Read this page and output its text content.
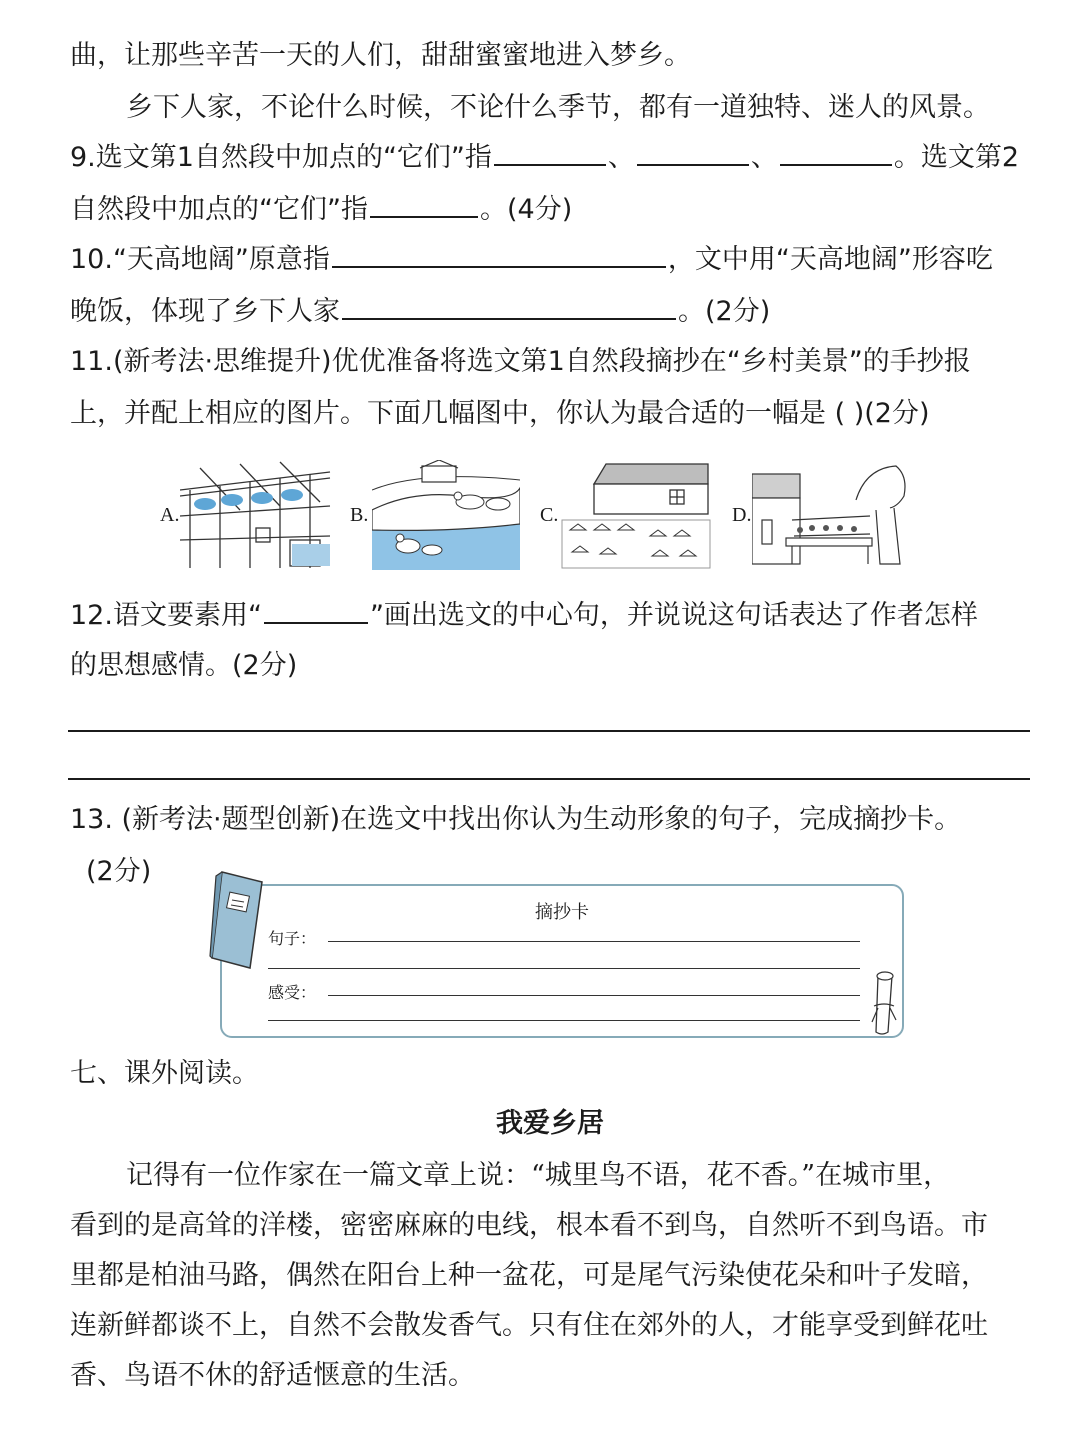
曲，让那些辛苦一天的人们，甜甜蜜蜜地进入梦乡。
乡下人家，不论什么时候，不论什么季节，都有一道独特、迷人的风景。
9.选文第1自然段中加点的“它们”指	、	、	。选文第2
自然段中加点的“它们”指	。(4分)
10.“天高地阔”原意指	，文中用“天高地阔”形容吃
晚饭，体现了乡下人家	。(2分)
11.(新考法·思维提升)优优准备将选文第1自然段摘抄在“乡村美景”的手抄报
上，并配上相应的图片。下面几幅图中，你认为最合适的一幅是 ( )(2分)
A.	B.	C.	D.
12.语文要素用“	”画出选文的中心句，并说说这句话表达了作者怎样
的思想感情。(2分)
13. (新考法·题型创新)在选文中找出你认为生动形象的句子，完成摘抄卡。
(2分)
摘抄卡
句子：
感受：
七、课外阅读。
我爱乡居
记得有一位作家在一篇文章上说：“城里鸟不语，花不香。”在城市里，
看到的是高耸的洋楼，密密麻麻的电线，根本看不到鸟，自然听不到鸟语。市
里都是柏油马路，偶然在阳台上种一盆花，可是尾气污染使花朵和叶子发暗，
连新鲜都谈不上，自然不会散发香气。只有住在郊外的人，才能享受到鲜花吐
香、鸟语不休的舒适惬意的生活。
